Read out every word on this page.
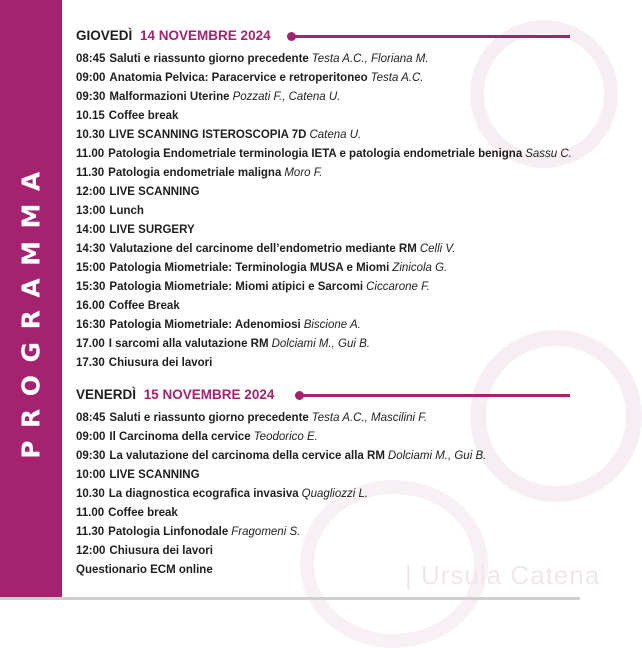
PROGRAMMA
| Ursula Catena
GIOVEDÌ 14 NOVEMBRE 2024
08:45 Saluti e riassunto giorno precedente Testa A.C., Floriana M.
09:00 Anatomia Pelvica: Paracervice e retroperitoneo Testa A.C.
09:30 Malformazioni Uterine Pozzati F., Catena U.
10.15 Coffee break
10.30 LIVE SCANNING ISTEROSCOPIA 7D Catena U.
11.00 Patologia Endometriale terminologia IETA e patologia endometriale benigna Sassu C.
11.30 Patologia endometriale maligna Moro F.
12:00 LIVE SCANNING
13:00 Lunch
14:00 LIVE SURGERY
14:30 Valutazione del carcinome dell’endometrio mediante RM Celli V.
15:00 Patologia Miometriale: Terminologia MUSA e Miomi Zinicola G.
15:30 Patologia Miometriale: Miomi atipici e Sarcomi Ciccarone F.
16.00 Coffee Break
16:30 Patologia Miometriale: Adenomiosi Biscione A.
17.00 I sarcomi alla valutazione RM Dolciami M., Gui B.
17.30 Chiusura dei lavori
VENERDÌ 15 NOVEMBRE 2024
08:45 Saluti e riassunto giorno precedente Testa A.C., Mascilini F.
09:00 Il Carcinoma della cervice Teodorico E.
09:30 La valutazione del carcinoma della cervice alla RM Dolciami M., Gui B.
10:00 LIVE SCANNING
10.30 La diagnostica ecografica invasiva Quagliozzi L.
11.00 Coffee break
11.30 Patologia Linfonodale Fragomeni S.
12:00 Chiusura dei lavori
Questionario ECM online
